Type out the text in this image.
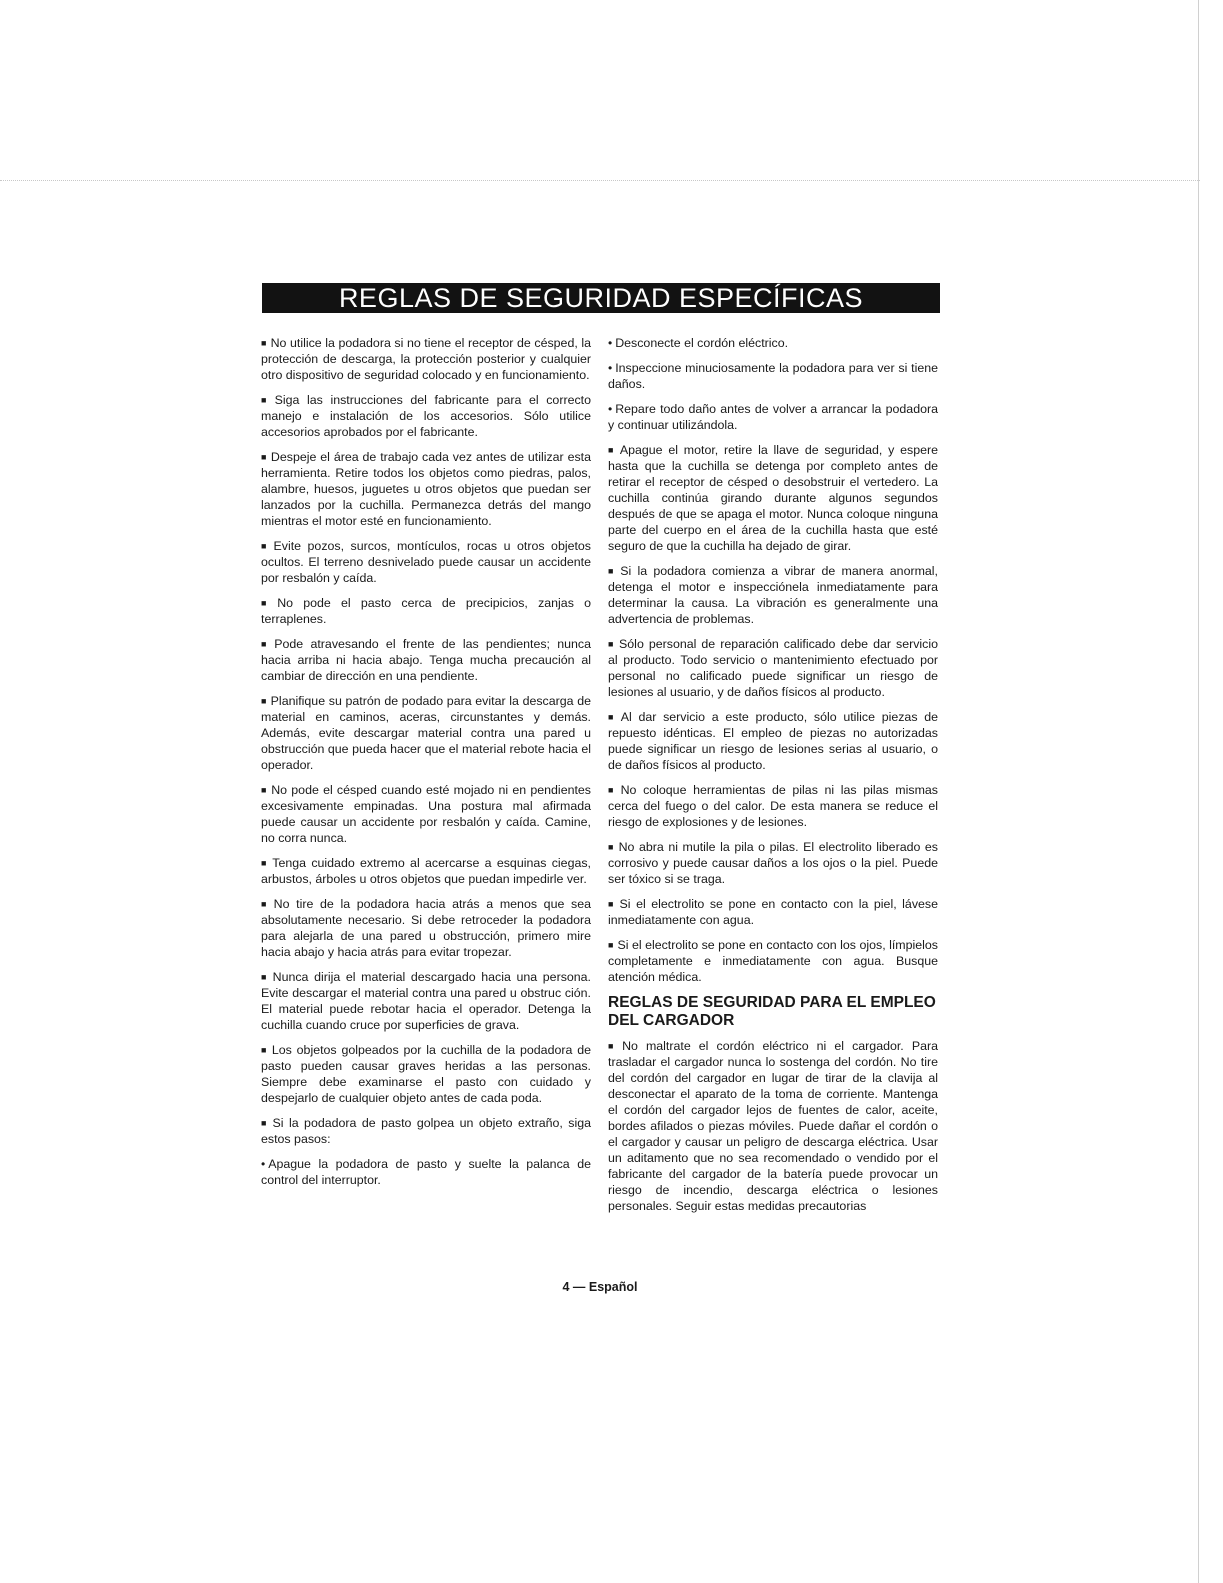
REGLAS DE SEGURIDAD ESPECÍFICAS

■ No utilice la podadora si no tiene el receptor de césped, la protección de descarga, la protección posterior y cualquier otro dispositivo de seguridad colocado y en funcionamiento.

■ Siga las instrucciones del fabricante para el correcto manejo e instalación de los accesorios. Sólo utilice accesorios aprobados por el fabricante.

■ Despeje el área de trabajo cada vez antes de utilizar esta herramienta. Retire todos los objetos como piedras, palos, alambre, huesos, juguetes u otros objetos que puedan ser lanzados por la cuchilla. Permanezca detrás del mango mientras el motor esté en funcionamiento.

■ Evite pozos, surcos, montículos, rocas u otros objetos ocultos. El terreno desnivelado puede causar un accidente por resbalón y caída.

■ No pode el pasto cerca de precipicios, zanjas o terraplenes.

■ Pode atravesando el frente de las pendientes; nunca hacia arriba ni hacia abajo. Tenga mucha precaución al cambiar de dirección en una pendiente.

■ Planifique su patrón de podado para evitar la descarga de material en caminos, aceras, circunstantes y demás. Además, evite descargar material contra una pared u obstrucción que pueda hacer que el material rebote hacia el operador.

■ No pode el césped cuando esté mojado ni en pendientes excesivamente empinadas. Una postura mal afirmada puede causar un accidente por resbalón y caída. Camine, no corra nunca.

■ Tenga cuidado extremo al acercarse a esquinas ciegas, arbustos, árboles u otros objetos que puedan impedirle ver.

■ No tire de la podadora hacia atrás a menos que sea absolutamente necesario. Si debe retroceder la podadora para alejarla de una pared u obstrucción, primero mire hacia abajo y hacia atrás para evitar tropezar.

■ Nunca dirija el material descargado hacia una persona. Evite descargar el material contra una pared u obstruc ción. El material puede rebotar hacia el operador. Detenga la cuchilla cuando cruce por superficies de grava.

■ Los objetos golpeados por la cuchilla de la podadora de pasto pueden causar graves heridas a las personas. Siempre debe examinarse el pasto con cuidado y despejarlo de cualquier objeto antes de cada poda.

■ Si la podadora de pasto golpea un objeto extraño, siga estos pasos:

• Apague la podadora de pasto y suelte la palanca de control del interruptor.

• Desconecte el cordón eléctrico.

• Inspeccione minuciosamente la podadora para ver si tiene daños.

• Repare todo daño antes de volver a arrancar la podadora y continuar utilizándola.

■ Apague el motor, retire la llave de seguridad, y espere hasta que la cuchilla se detenga por completo antes de retirar el receptor de césped o desobstruir el vertedero. La cuchilla continúa girando durante algunos segundos después de que se apaga el motor. Nunca coloque ninguna parte del cuerpo en el área de la cuchilla hasta que esté seguro de que la cuchilla ha dejado de girar.

■ Si la podadora comienza a vibrar de manera anormal, detenga el motor e inspecciónela inmediatamente para determinar la causa. La vibración es generalmente una advertencia de problemas.

■ Sólo personal de reparación calificado debe dar servicio al producto. Todo servicio o mantenimiento efectuado por personal no calificado puede significar un riesgo de lesiones al usuario, y de daños físicos al producto.

■ Al dar servicio a este producto, sólo utilice piezas de repuesto idénticas. El empleo de piezas no autorizadas puede significar un riesgo de lesiones serias al usuario, o de daños físicos al producto.

■ No coloque herramientas de pilas ni las pilas mismas cerca del fuego o del calor. De esta manera se reduce el riesgo de explosiones y de lesiones.

■ No abra ni mutile la pila o pilas. El electrolito liberado es corrosivo y puede causar daños a los ojos o la piel. Puede ser tóxico si se traga.

■ Si el electrolito se pone en contacto con la piel, lávese inmediatamente con agua.

■ Si el electrolito se pone en contacto con los ojos, límpielos completamente e inmediatamente con agua. Busque atención médica.

REGLAS DE SEGURIDAD PARA EL EMPLEO DEL CARGADOR

■ No maltrate el cordón eléctrico ni el cargador. Para trasladar el cargador nunca lo sostenga del cordón. No tire del cordón del cargador en lugar de tirar de la clavija al desconectar el aparato de la toma de corriente. Mantenga el cordón del cargador lejos de fuentes de calor, aceite, bordes afilados o piezas móviles. Puede dañar el cordón o el cargador y causar un peligro de descarga eléctrica. Usar un aditamento que no sea recomendado o vendido por el fabricante del cargador de la batería puede provocar un riesgo de incendio, descarga eléctrica o lesiones personales. Seguir estas medidas precautorias

4 — Español
